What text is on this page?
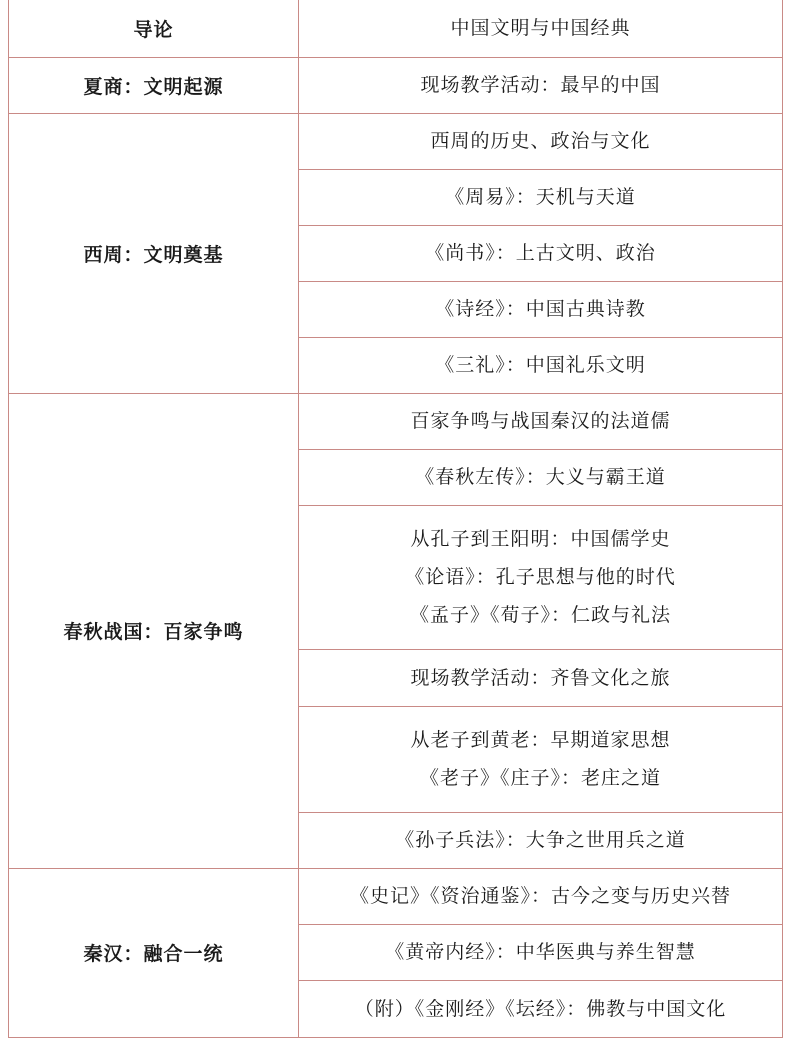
导论	中国文明与中国经典

夏商：文明起源	现场教学活动：最早的中国

西周：文明奠基	西周的历史、政治与文化

	《周易》：天机与天道

	《尚书》：上古文明、政治

	《诗经》：中国古典诗教

	《三礼》：中国礼乐文明

春秋战国：百家争鸣	百家争鸣与战国秦汉的法道儒

	《春秋左传》：大义与霸王道

	从孔子到王阳明：中国儒学史
《论语》：孔子思想与他的时代
《孟子》《荀子》：仁政与礼法

	现场教学活动：齐鲁文化之旅

	从老子到黄老：早期道家思想
《老子》《庄子》：老庄之道

	《孙子兵法》：大争之世用兵之道

秦汉：融合一统	《史记》《资治通鉴》：古今之变与历史兴替

	《黄帝内经》：中华医典与养生智慧

	（附）《金刚经》《坛经》：佛教与中国文化
